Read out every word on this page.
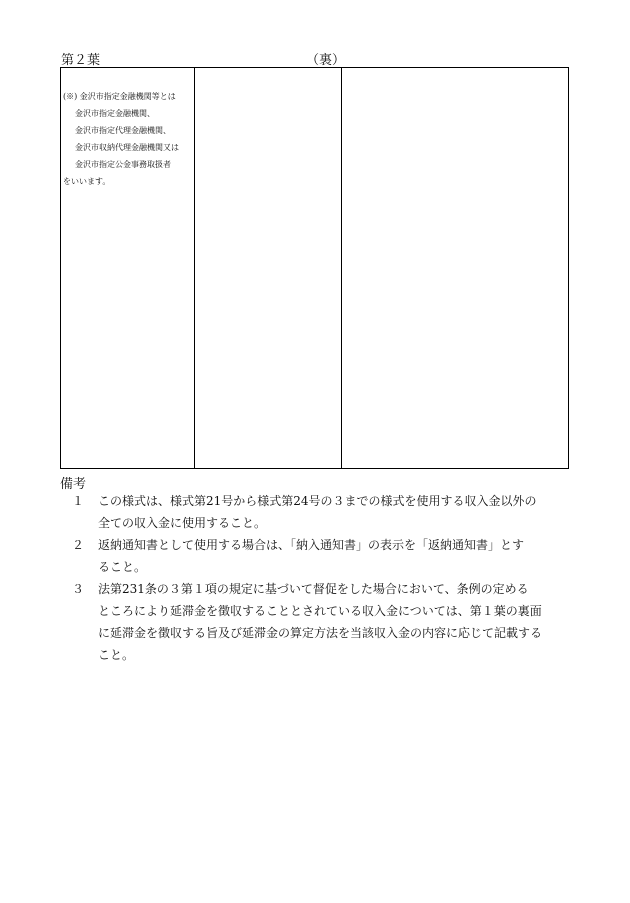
第２葉	（裏）
(※) 金沢市指定金融機関等とは
金沢市指定金融機関、
金沢市指定代理金融機関、
金沢市収納代理金融機関又は
金沢市指定公金事務取扱者
をいいます。
備考
１	この様式は、様式第21号から様式第24号の３までの様式を使用する収入金以外の
全ての収入金に使用すること。
２	返納通知書として使用する場合は、「納入通知書」の表示を「返納通知書」とす
ること。
３	法第231条の３第１項の規定に基づいて督促をした場合において、条例の定める
ところにより延滞金を徴収することとされている収入金については、第１葉の裏面
に延滞金を徴収する旨及び延滞金の算定方法を当該収入金の内容に応じて記載する
こと。
